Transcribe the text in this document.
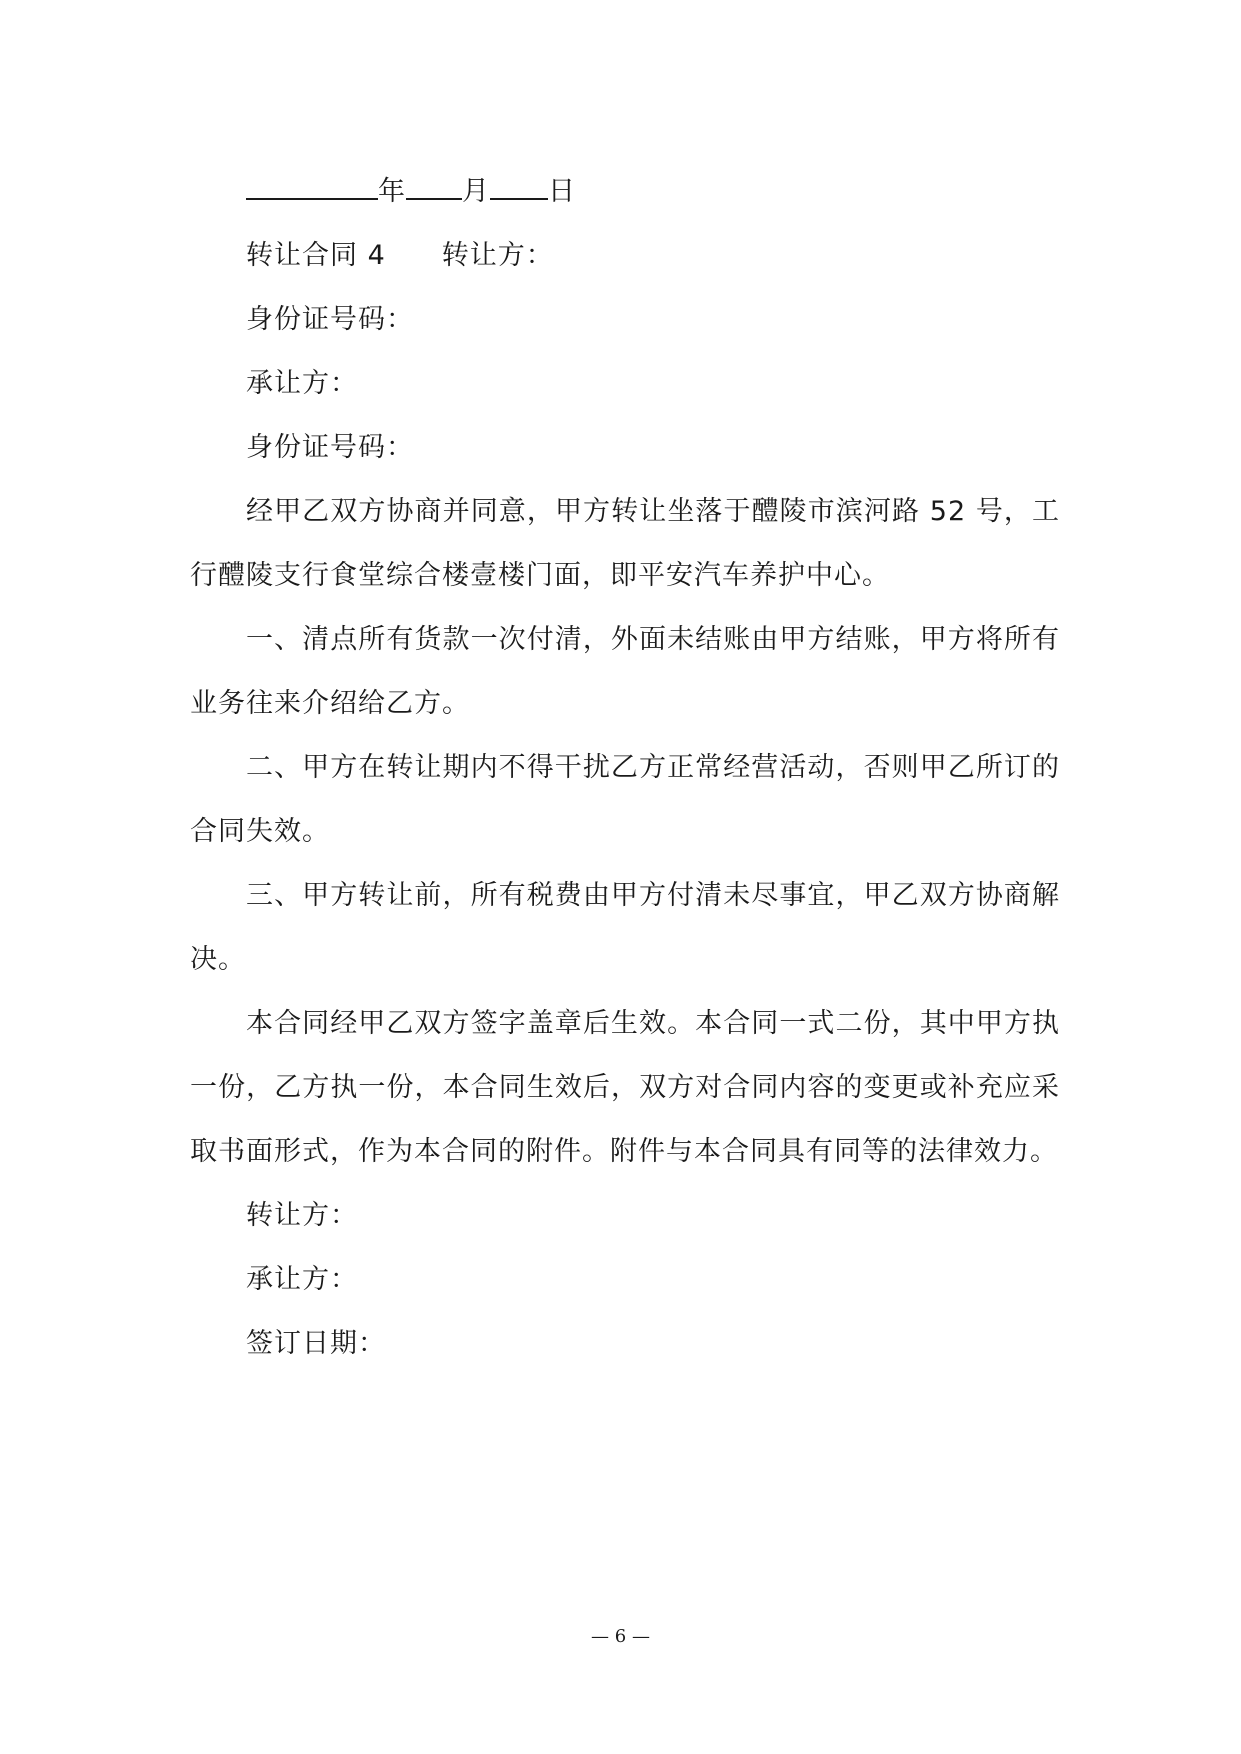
年 月 日
转让合同 4 转让方：
身份证号码：
承让方：
身份证号码：
经甲乙双方协商并同意，甲方转让坐落于醴陵市滨河路 52 号，工行醴陵支行食堂综合楼壹楼门面，即平安汽车养护中心。
一、清点所有货款一次付清，外面未结账由甲方结账，甲方将所有业务往来介绍给乙方。
二、甲方在转让期内不得干扰乙方正常经营活动，否则甲乙所订的合同失效。
三、甲方转让前，所有税费由甲方付清未尽事宜，甲乙双方协商解决。
本合同经甲乙双方签字盖章后生效。本合同一式二份，其中甲方执一份，乙方执一份，本合同生效后，双方对合同内容的变更或补充应采取书面形式，作为本合同的附件。附件与本合同具有同等的法律效力。
转让方：
承让方：
签订日期：
— 6 —
